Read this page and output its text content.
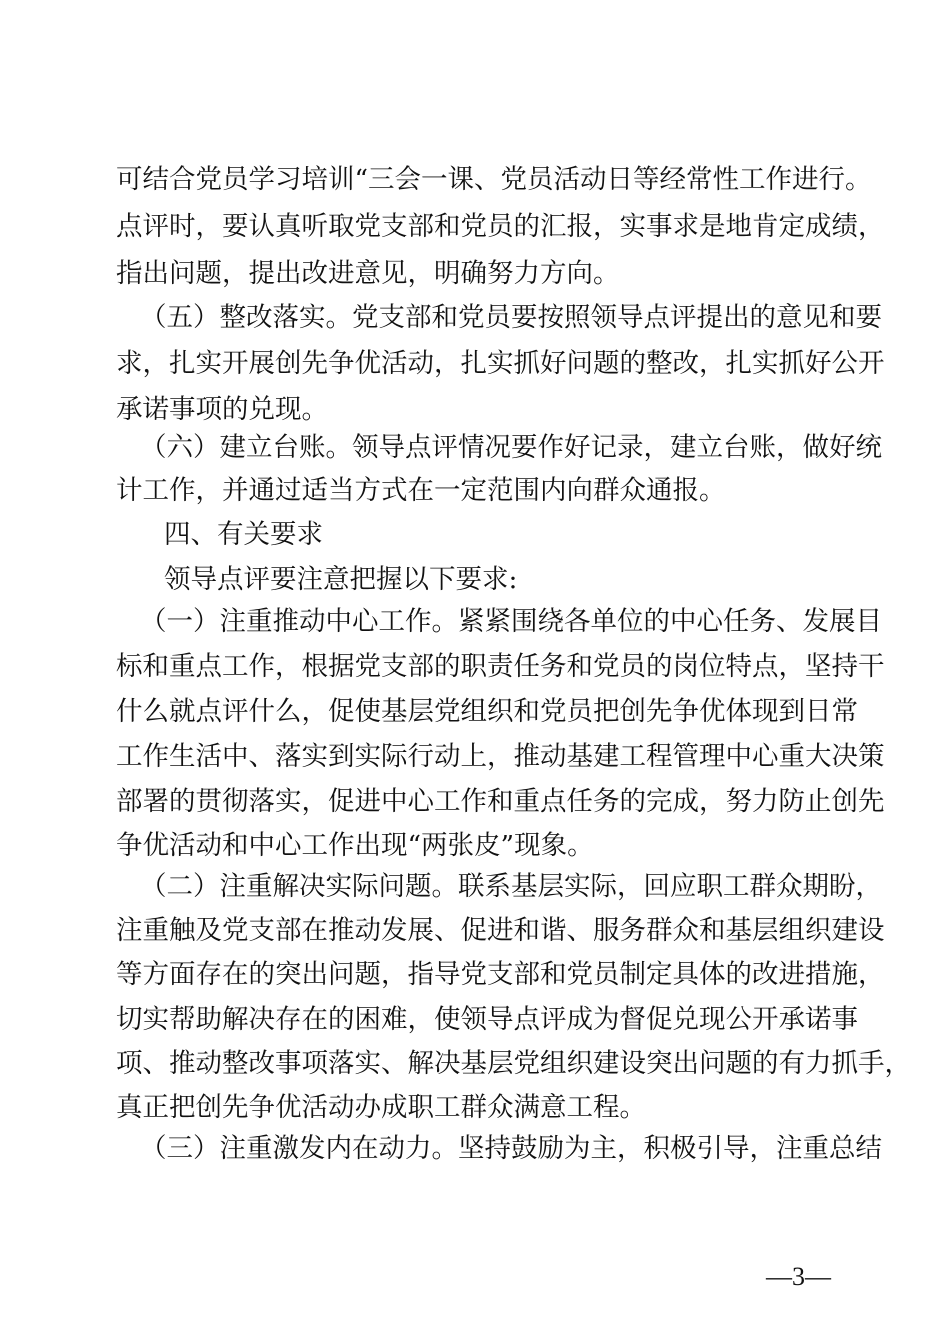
可结合党员学习培训“三会一课、党员活动日等经常性工作进行。
点评时，要认真听取党支部和党员的汇报，实事求是地肯定成绩，
指出问题，提出改进意见，明确努力方向。
（五）整改落实。党支部和党员要按照领导点评提出的意见和要
求，扎实开展创先争优活动，扎实抓好问题的整改，扎实抓好公开
承诺事项的兑现。
（六）建立台账。领导点评情况要作好记录，建立台账，做好统
计工作，并通过适当方式在一定范围内向群众通报。
四、有关要求
领导点评要注意把握以下要求:
（一）注重推动中心工作。紧紧围绕各单位的中心任务、发展目
标和重点工作，根据党支部的职责任务和党员的岗位特点，坚持干
什么就点评什么，促使基层党组织和党员把创先争优体现到日常
工作生活中、落实到实际行动上，推动基建工程管理中心重大决策
部署的贯彻落实，促进中心工作和重点任务的完成，努力防止创先
争优活动和中心工作出现“两张皮”现象。
（二）注重解决实际问题。联系基层实际，回应职工群众期盼，
注重触及党支部在推动发展、促进和谐、服务群众和基层组织建设
等方面存在的突出问题，指导党支部和党员制定具体的改进措施，
切实帮助解决存在的困难，使领导点评成为督促兑现公开承诺事
项、推动整改事项落实、解决基层党组织建设突出问题的有力抓手，
真正把创先争优活动办成职工群众满意工程。
（三）注重激发内在动力。坚持鼓励为主，积极引导，注重总结
—3—
